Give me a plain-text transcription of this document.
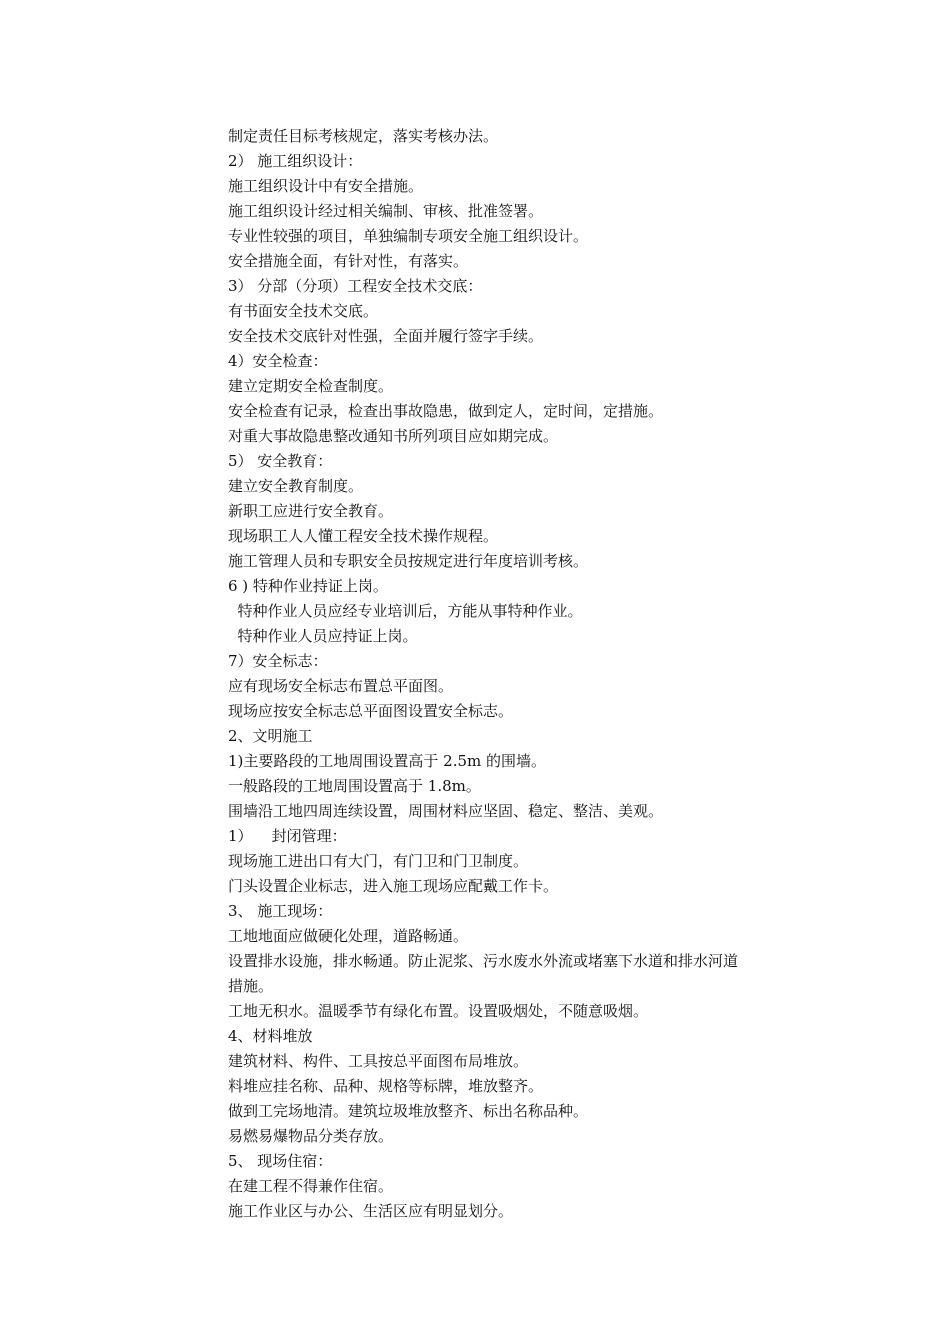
制定责任目标考核规定，落实考核办法。
2） 施工组织设计：
施工组织设计中有安全措施。
施工组织设计经过相关编制、审核、批准签署。
专业性较强的项目，单独编制专项安全施工组织设计。
安全措施全面，有针对性，有落实。
3） 分部（分项）工程安全技术交底：
有书面安全技术交底。
安全技术交底针对性强，全面并履行签字手续。
4）安全检查：
建立定期安全检查制度。
安全检查有记录，检查出事故隐患，做到定人，定时间，定措施。
对重大事故隐患整改通知书所列项目应如期完成。
5） 安全教育：
建立安全教育制度。
新职工应进行安全教育。
现场职工人人懂工程安全技术操作规程。
施工管理人员和专职安全员按规定进行年度培训考核。
6 ) 特种作业持证上岗。
特种作业人员应经专业培训后，方能从事特种作业。
特种作业人员应持证上岗。
7）安全标志：
应有现场安全标志布置总平面图。
现场应按安全标志总平面图设置安全标志。
2、文明施工
1)主要路段的工地周围设置高于 2.5m 的围墙。
一般路段的工地周围设置高于 1.8m。
围墙沿工地四周连续设置，周围材料应坚固、稳定、整洁、美观。
1）    封闭管理：
现场施工进出口有大门，有门卫和门卫制度。
门头设置企业标志，进入施工现场应配戴工作卡。
3、 施工现场：
工地地面应做硬化处理，道路畅通。
设置排水设施，排水畅通。防止泥浆、污水废水外流或堵塞下水道和排水河道
措施。
工地无积水。温暖季节有绿化布置。设置吸烟处，不随意吸烟。
4、材料堆放
建筑材料、构件、工具按总平面图布局堆放。
料堆应挂名称、品种、规格等标牌，堆放整齐。
做到工完场地清。建筑垃圾堆放整齐、标出名称品种。
易燃易爆物品分类存放。
5、 现场住宿：
在建工程不得兼作住宿。
施工作业区与办公、生活区应有明显划分。
